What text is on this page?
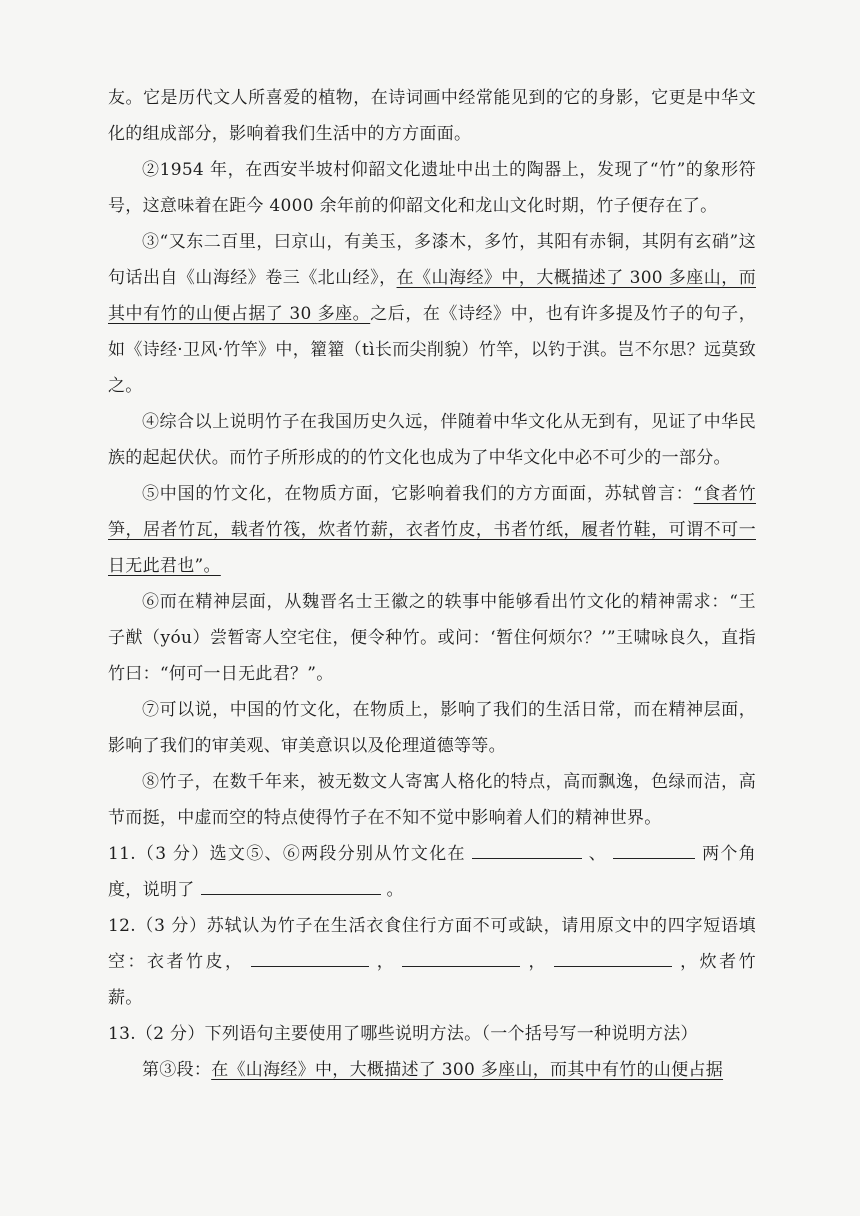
友。它是历代文人所喜爱的植物，在诗词画中经常能见到的它的身影，它更是中华文化的组成部分，影响着我们生活中的方方面面。

②1954 年，在西安半坡村仰韶文化遗址中出土的陶器上，发现了“竹”的象形符号，这意味着在距今 4000 余年前的仰韶文化和龙山文化时期，竹子便存在了。

③“又东二百里，曰京山，有美玉，多漆木，多竹，其阳有赤铜，其阴有玄硝”这句话出自《山海经》卷三《北山经》，在《山海经》中，大概描述了 300 多座山，而其中有竹的山便占据了 30 多座。之后，在《诗经》中，也有许多提及竹子的句子，如《诗经·卫风·竹竿》中，籊籊（tì长而尖削貌）竹竿，以钓于淇。岂不尔思？远莫致之。

④综合以上说明竹子在我国历史久远，伴随着中华文化从无到有，见证了中华民族的起起伏伏。而竹子所形成的的竹文化也成为了中华文化中必不可少的一部分。

⑤中国的竹文化，在物质方面，它影响着我们的方方面面，苏轼曾言：“食者竹笋，居者竹瓦，载者竹筏，炊者竹薪，衣者竹皮，书者竹纸，履者竹鞋，可谓不可一日无此君也”。

⑥而在精神层面，从魏晋名士王徽之的轶事中能够看出竹文化的精神需求：“王子猷（yóu）尝暂寄人空宅住，便令种竹。或问：‘暂住何烦尔？’”王啸咏良久，直指竹曰：“何可一日无此君？”。

⑦可以说，中国的竹文化，在物质上，影响了我们的生活日常，而在精神层面，影响了我们的审美观、审美意识以及伦理道德等等。

⑧竹子，在数千年来，被无数文人寄寓人格化的特点，高而飘逸，色绿而洁，高节而挺，中虚而空的特点使得竹子在不知不觉中影响着人们的精神世界。

11.（3 分）选文⑤、⑥两段分别从竹文化在	、	两个角度，说明了	。

12.（3 分）苏轼认为竹子在生活衣食住行方面不可或缺，请用原文中的四字短语填空：衣者竹皮，	，	，	，炊者竹薪。

13.（2 分）下列语句主要使用了哪些说明方法。（一个括号写一种说明方法）

第③段：在《山海经》中，大概描述了 300 多座山，而其中有竹的山便占据
